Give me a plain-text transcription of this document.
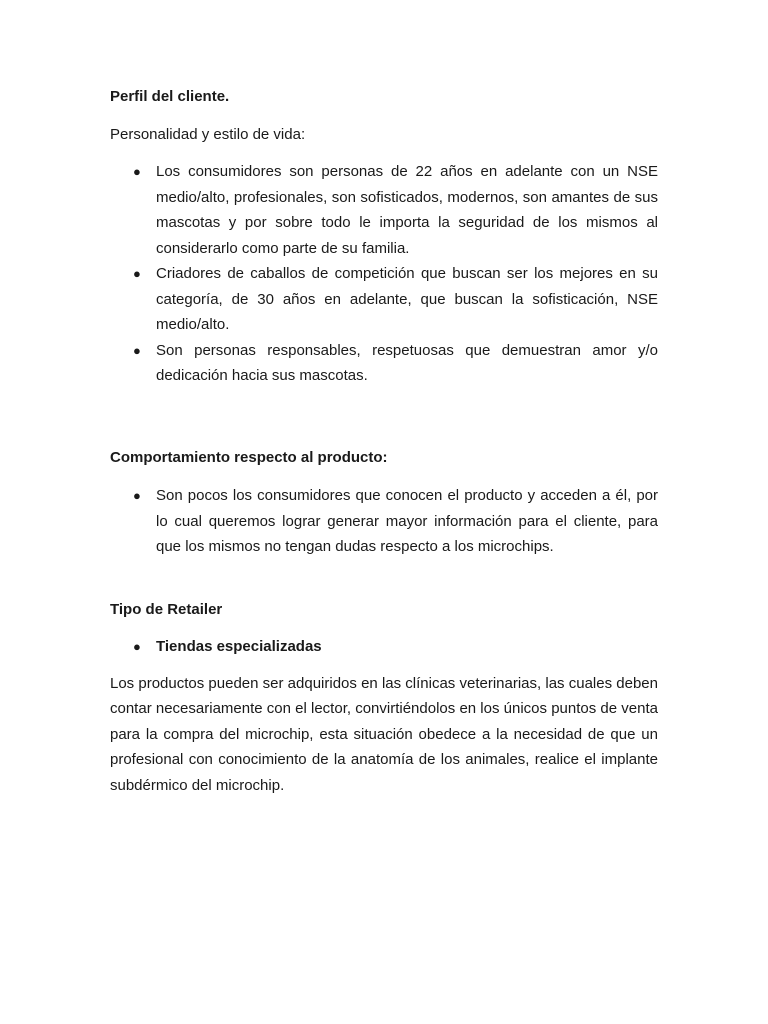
Perfil del cliente.

Personalidad y estilo de vida:

● Los consumidores son personas de 22 años en adelante con un NSE medio/alto, profesionales, son sofisticados, modernos, son amantes de sus mascotas y por sobre todo le importa la seguridad de los mismos al considerarlo como parte de su familia.
● Criadores de caballos de competición que buscan ser los mejores en su categoría, de 30 años en adelante, que buscan la sofisticación, NSE medio/alto.
● Son personas responsables, respetuosas que demuestran amor y/o dedicación hacia sus mascotas.

Comportamiento respecto al producto:

● Son pocos los consumidores que conocen el producto y acceden a él, por lo cual queremos lograr generar mayor información para el cliente, para que los mismos no tengan dudas respecto a los microchips.

Tipo de Retailer

● Tiendas especializadas

Los productos pueden ser adquiridos en las clínicas veterinarias, las cuales deben contar necesariamente con el lector, convirtiéndolos en los únicos puntos de venta para la compra del microchip, esta situación obedece a la necesidad de que un profesional con conocimiento de la anatomía de los animales, realice el implante subdérmico del microchip.
